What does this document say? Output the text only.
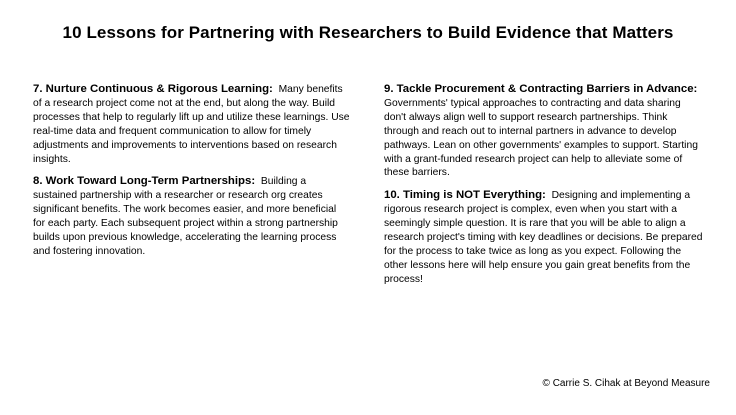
10 Lessons for Partnering with Researchers to Build Evidence that Matters

7. Nurture Continuous & Rigorous Learning: Many benefits of a research project come not at the end, but along the way. Build processes that help to regularly lift up and utilize these learnings. Use real-time data and frequent communication to allow for timely adjustments and improvements to interventions based on research insights.

8. Work Toward Long-Term Partnerships: Building a sustained partnership with a researcher or research org creates significant benefits. The work becomes easier, and more beneficial for each party. Each subsequent project within a strong partnership builds upon previous knowledge, accelerating the learning process and fostering innovation.

9. Tackle Procurement & Contracting Barriers in Advance: Governments' typical approaches to contracting and data sharing don't always align well to support research partnerships. Think through and reach out to internal partners in advance to develop pathways. Lean on other governments' examples to support. Starting with a grant-funded research project can help to alleviate some of these barriers.

10. Timing is NOT Everything: Designing and implementing a rigorous research project is complex, even when you start with a seemingly simple question. It is rare that you will be able to align a research project's timing with key deadlines or decisions. Be prepared for the process to take twice as long as you expect. Following the other lessons here will help ensure you gain great benefits from the process!

© Carrie S. Cihak at Beyond Measure
